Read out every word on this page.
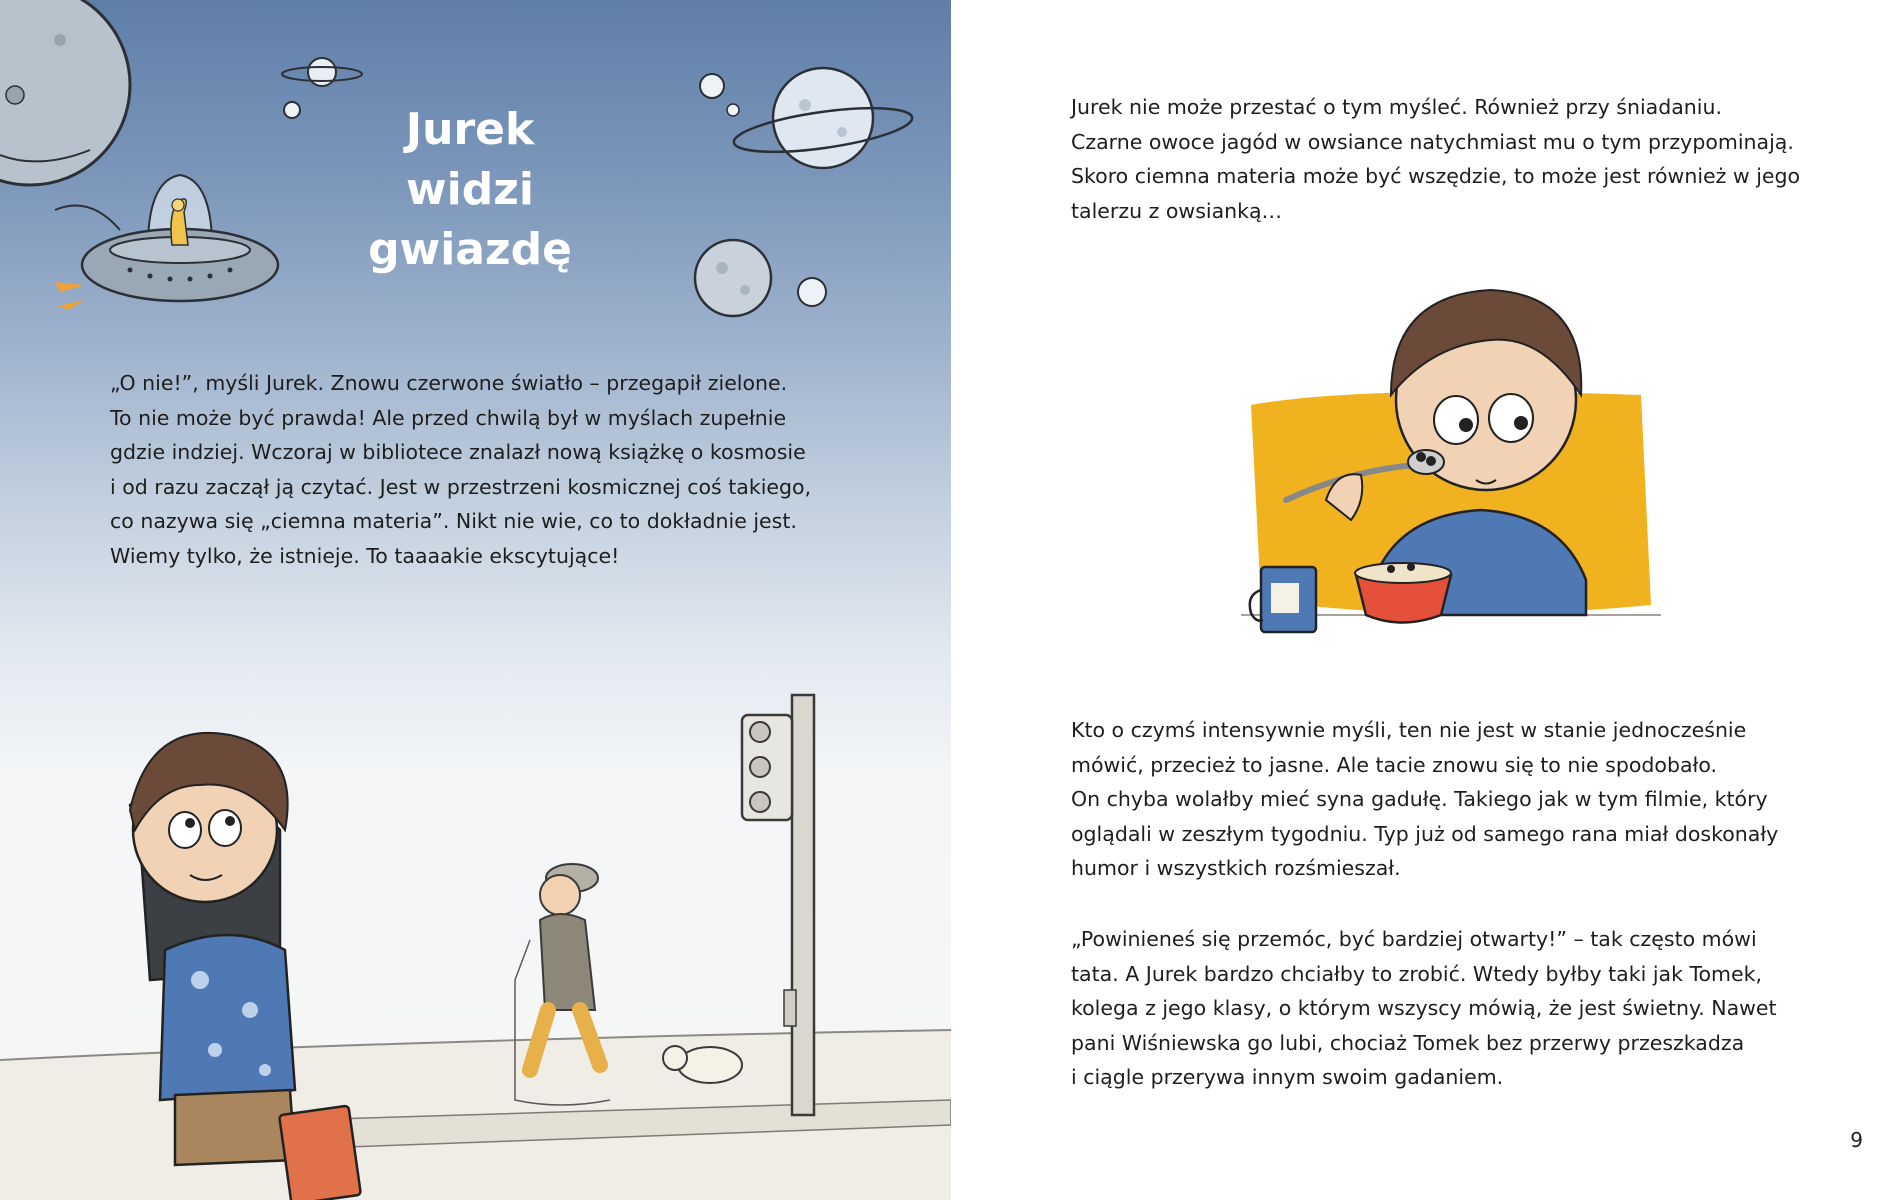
Jurek
widzi gwiazdę

„O nie!”, myśli Jurek. Znowu czerwone światło – przegapił zielone.
To nie może być prawda! Ale przed chwilą był w myślach zupełnie
gdzie indziej. Wczoraj w bibliotece znalazł nową książkę o kosmosie
i od razu zaczął ją czytać. Jest w przestrzeni kosmicznej coś takiego,
co nazywa się „ciemna materia”. Nikt nie wie, co to dokładnie jest.
Wiemy tylko, że istnieje. To taaaakie ekscytujące!

Jurek nie może przestać o tym myśleć. Również przy śniadaniu.
Czarne owoce jagód w owsiance natychmiast mu o tym przypominają.
Skoro ciemna materia może być wszędzie, to może jest również w jego
talerzu z owsianką…

Kto o czymś intensywnie myśli, ten nie jest w stanie jednocześnie
mówić, przecież to jasne. Ale tacie znowu się to nie spodobało.
On chyba wolałby mieć syna gadułę. Takiego jak w tym filmie, który
oglądali w zeszłym tygodniu. Typ już od samego rana miał doskonały
humor i wszystkich rozśmieszał.

„Powinieneś się przemóc, być bardziej otwarty!” – tak często mówi
tata. A Jurek bardzo chciałby to zrobić. Wtedy byłby taki jak Tomek,
kolega z jego klasy, o którym wszyscy mówią, że jest świetny. Nawet
pani Wiśniewska go lubi, chociaż Tomek bez przerwy przeszkadza
i ciągle przerywa innym swoim gadaniem.

9
